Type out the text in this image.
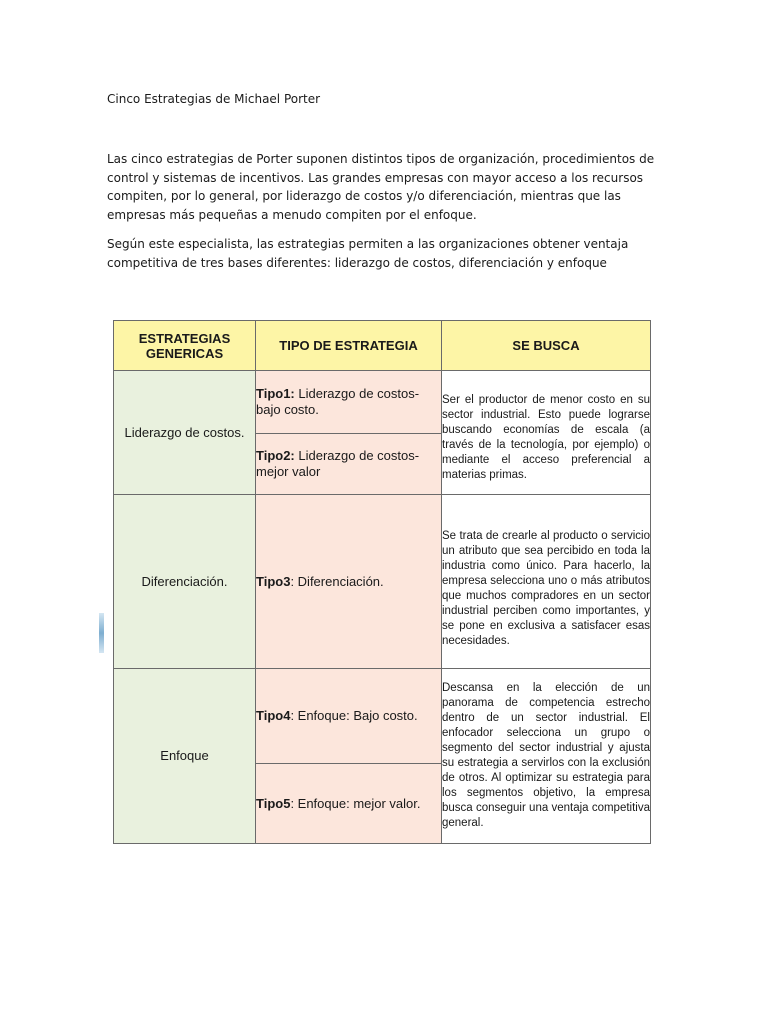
Cinco Estrategias de Michael Porter

Las cinco estrategias de Porter suponen distintos tipos de organización, procedimientos de control y sistemas de incentivos. Las grandes empresas con mayor acceso a los recursos compiten, por lo general, por liderazgo de costos y/o diferenciación, mientras que las empresas más pequeñas a menudo compiten por el enfoque.

Según este especialista, las estrategias permiten a las organizaciones obtener ventaja competitiva de tres bases diferentes: liderazgo de costos, diferenciación y enfoque

ESTRATEGIAS GENERICAS	TIPO DE ESTRATEGIA	SE BUSCA
Liderazgo de costos.	Tipo1: Liderazgo de costos-bajo costo.	Ser el productor de menor costo en su sector industrial. Esto puede lograrse buscando economías de escala (a través de la tecnología, por ejemplo) o mediante el acceso preferencial a materias primas.

	Tipo2: Liderazgo de costos-mejor valor	
Diferenciación.	Tipo3: Diferenciación.	Se trata de crearle al producto o servicio un atributo que sea percibido en toda la industria como único. Para hacerlo, la empresa selecciona uno o más atributos que muchos compradores en un sector industrial perciben como importantes, y se pone en exclusiva a satisfacer esas necesidades.

Enfoque	Tipo4: Enfoque: Bajo costo.	Descansa en la elección de un panorama de competencia estrecho dentro de un sector industrial. El enfocador selecciona un grupo o segmento del sector industrial y ajusta su estrategia a servirlos con la exclusión de otros. Al optimizar su estrategia para los segmentos objetivo, la empresa busca conseguir una ventaja competitiva general.

	Tipo5: Enfoque: mejor valor.	
